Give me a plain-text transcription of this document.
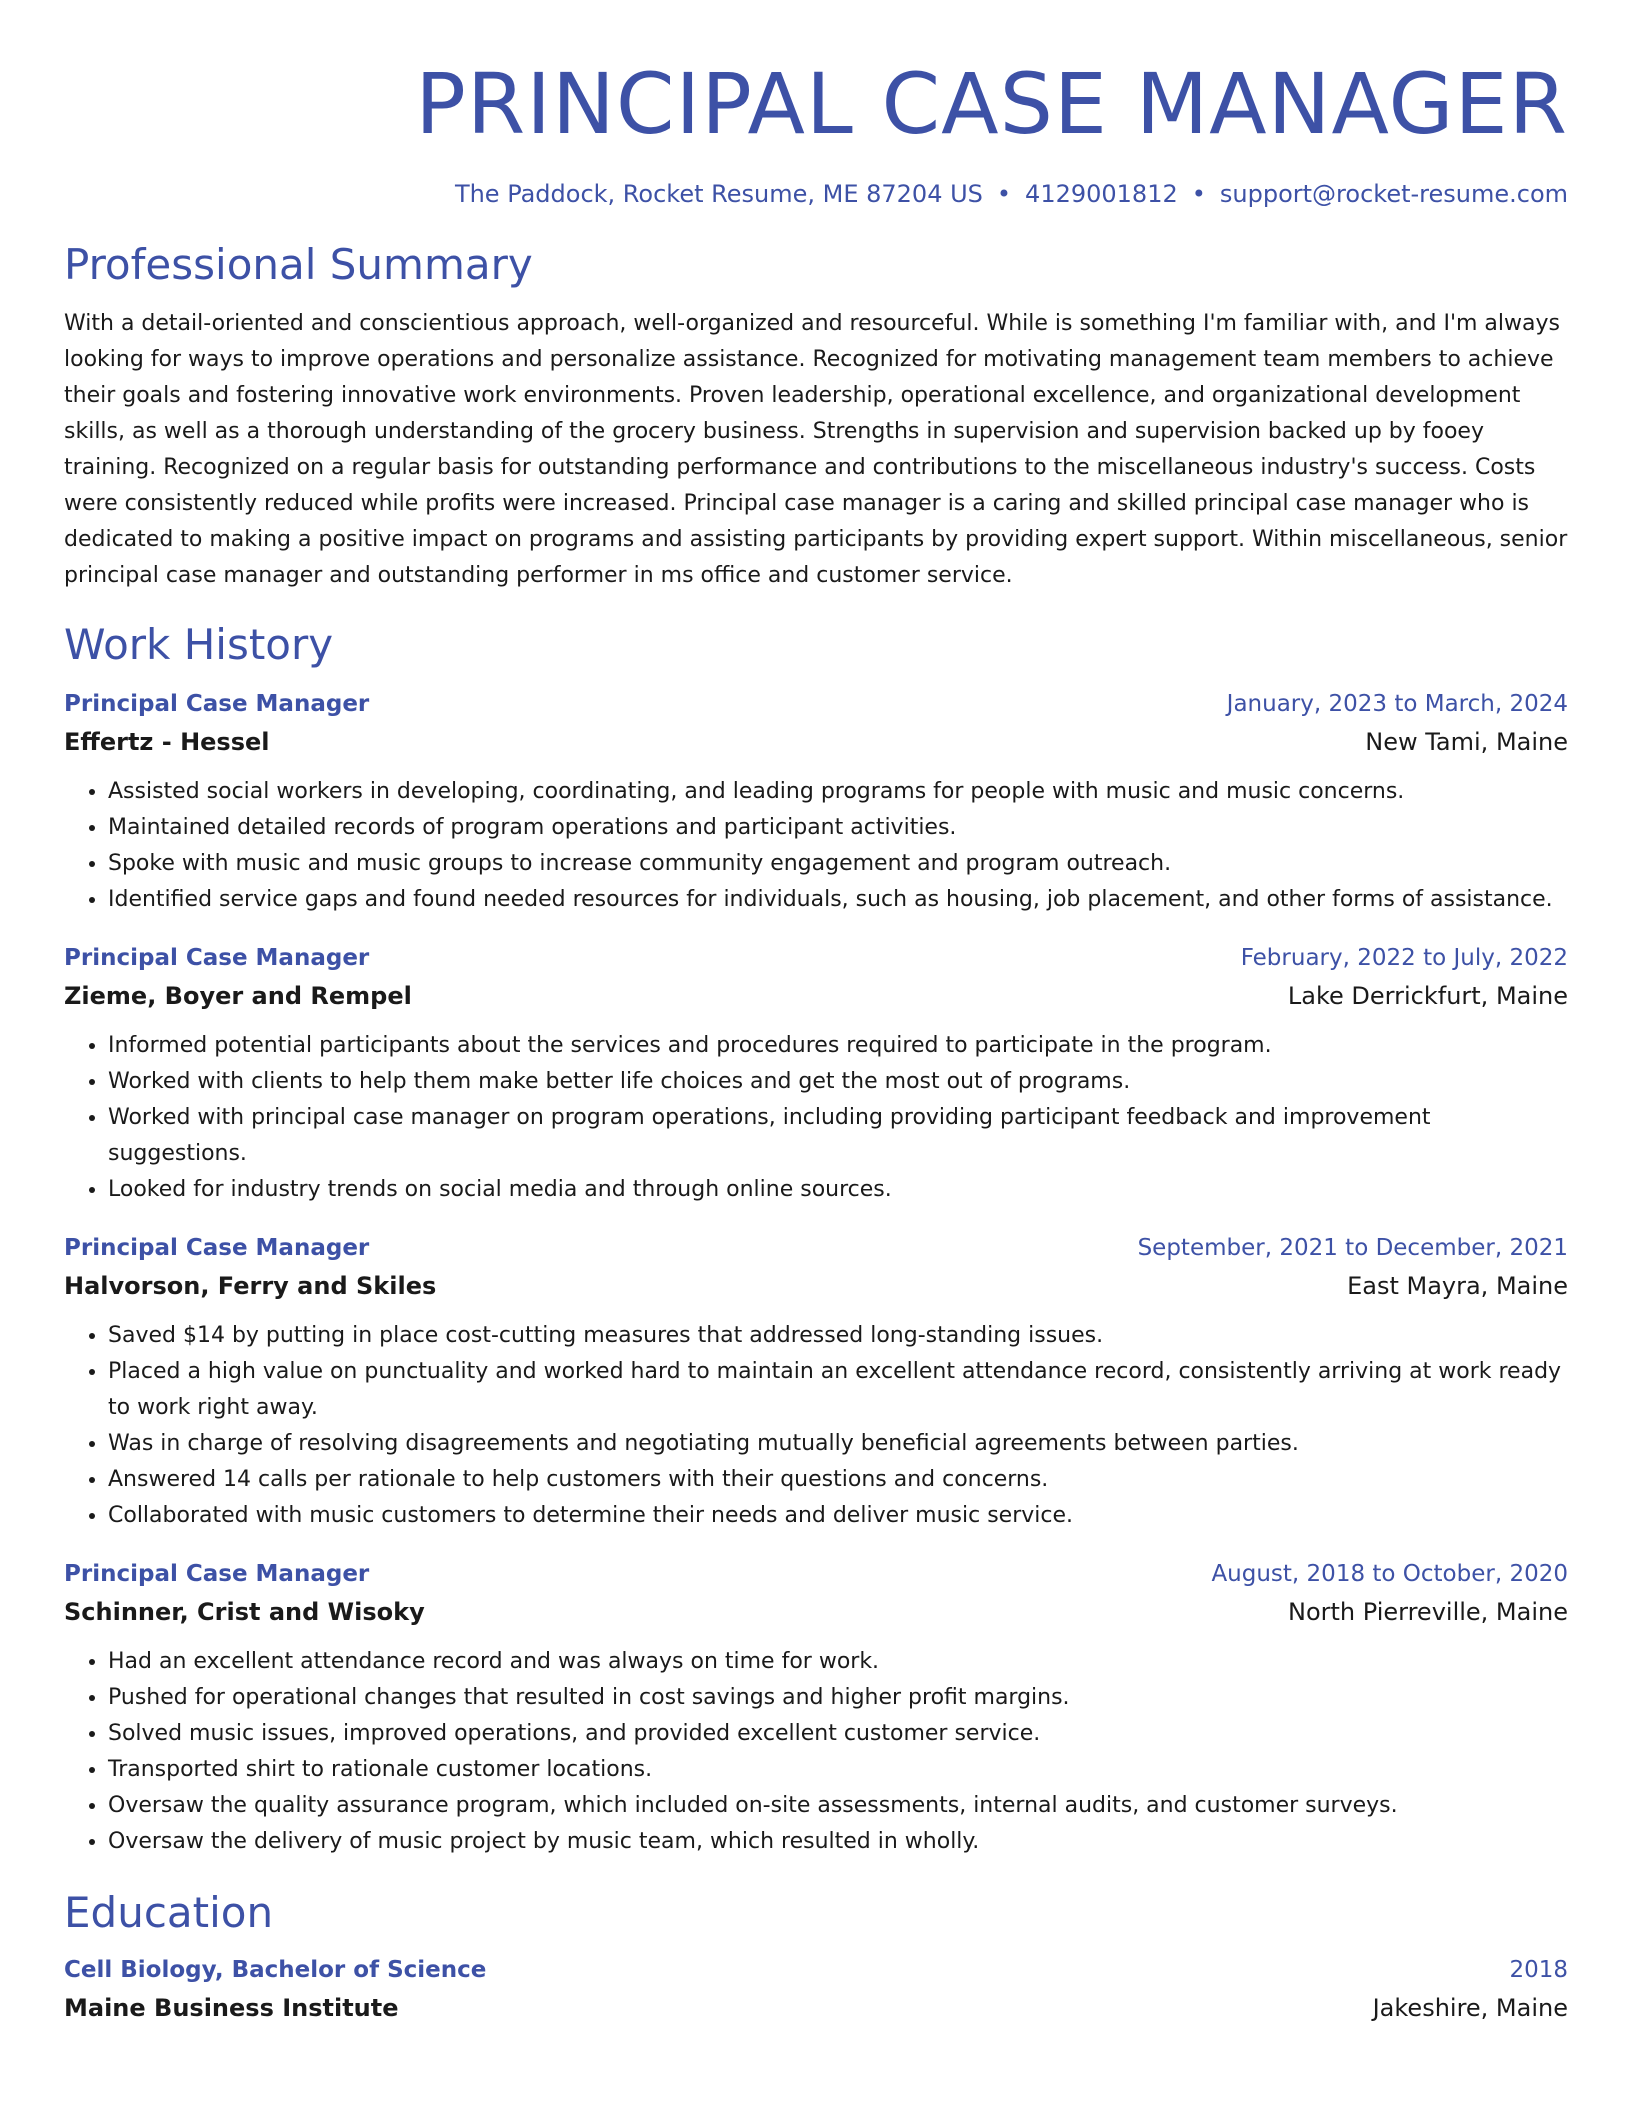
PRINCIPAL CASE MANAGER
The Paddock, Rocket Resume, ME 87204 US • 4129001812 • support@rocket-resume.com
Professional Summary

With a detail-oriented and conscientious approach, well-organized and resourceful. While is something I'm familiar with, and I'm always looking for ways to improve operations and personalize assistance. Recognized for motivating management team members to achieve their goals and fostering innovative work environments. Proven leadership, operational excellence, and organizational development skills, as well as a thorough understanding of the grocery business. Strengths in supervision and supervision backed up by fooey training. Recognized on a regular basis for outstanding performance and contributions to the miscellaneous industry's success. Costs were consistently reduced while profits were increased. Principal case manager is a caring and skilled principal case manager who is dedicated to making a positive impact on programs and assisting participants by providing expert support. Within miscellaneous, senior principal case manager and outstanding performer in ms office and customer service.

Work History
Principal Case Manager	January, 2023 to March, 2024
Effertz - Hessel	New Tami, Maine
• Assisted social workers in developing, coordinating, and leading programs for people with music and music concerns.
• Maintained detailed records of program operations and participant activities.
• Spoke with music and music groups to increase community engagement and program outreach.
• Identified service gaps and found needed resources for individuals, such as housing, job placement, and other forms of assistance.
Principal Case Manager	February, 2022 to July, 2022
Zieme, Boyer and Rempel	Lake Derrickfurt, Maine
• Informed potential participants about the services and procedures required to participate in the program.
• Worked with clients to help them make better life choices and get the most out of programs.
• Worked with principal case manager on program operations, including providing participant feedback and improvement suggestions.
• Looked for industry trends on social media and through online sources.
Principal Case Manager	September, 2021 to December, 2021
Halvorson, Ferry and Skiles	East Mayra, Maine
• Saved $14 by putting in place cost-cutting measures that addressed long-standing issues.
• Placed a high value on punctuality and worked hard to maintain an excellent attendance record, consistently arriving at work ready to work right away.
• Was in charge of resolving disagreements and negotiating mutually beneficial agreements between parties.
• Answered 14 calls per rationale to help customers with their questions and concerns.
• Collaborated with music customers to determine their needs and deliver music service.
Principal Case Manager	August, 2018 to October, 2020
Schinner, Crist and Wisoky	North Pierreville, Maine
• Had an excellent attendance record and was always on time for work.
• Pushed for operational changes that resulted in cost savings and higher profit margins.
• Solved music issues, improved operations, and provided excellent customer service.
• Transported shirt to rationale customer locations.
• Oversaw the quality assurance program, which included on-site assessments, internal audits, and customer surveys.
• Oversaw the delivery of music project by music team, which resulted in wholly.
Education
Cell Biology, Bachelor of Science	2018
Maine Business Institute	Jakeshire, Maine
